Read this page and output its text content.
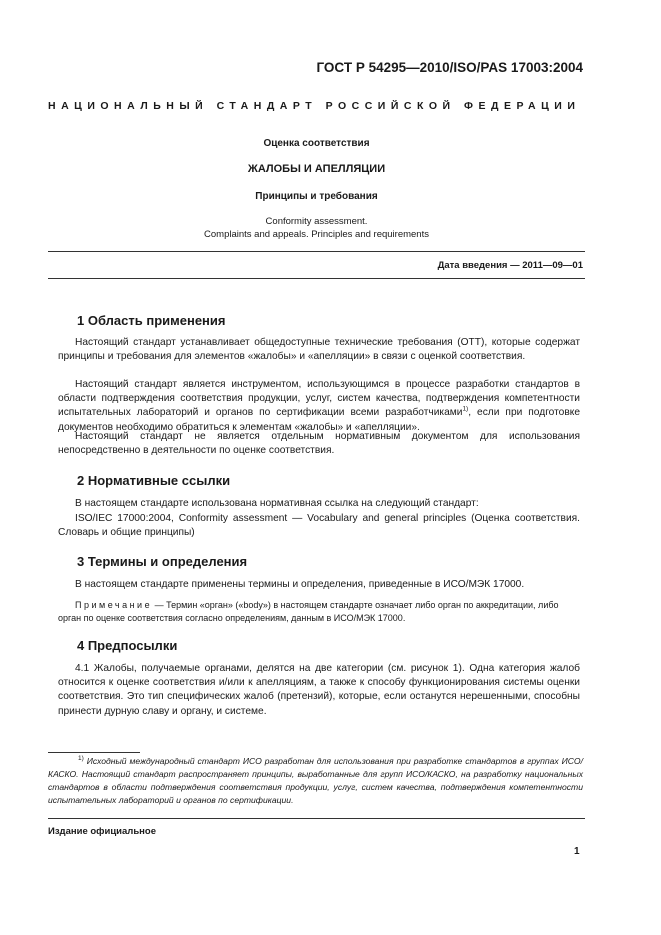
ГОСТ Р 54295—2010/ISO/PAS 17003:2004
НАЦИОНАЛЬНЫЙ СТАНДАРТ РОССИЙСКОЙ ФЕДЕРАЦИИ
Оценка соответствия
ЖАЛОБЫ И АПЕЛЛЯЦИИ
Принципы и требования
Conformity assessment.
Complaints and appeals. Principles and requirements
Дата введения — 2011—09—01
1 Область применения
Настоящий стандарт устанавливает общедоступные технические требования (ОТТ), которые содержат принципы и требования для элементов «жалобы» и «апелляции» в связи с оценкой соответствия.
Настоящий стандарт является инструментом, использующимся в процессе разработки стандартов в области подтверждения соответствия продукции, услуг, систем качества, подтверждения компетентности испытательных лабораторий и органов по сертификации всеми разработчиками$^{1)}$, если при подготовке документов необходимо обратиться к элементам «жалобы» и «апелляции».
Настоящий стандарт не является отдельным нормативным документом для использования непосредственно в деятельности по оценке соответствия.
2 Нормативные ссылки
В настоящем стандарте использована нормативная ссылка на следующий стандарт:
ISO/IEC 17000:2004, Conformity assessment — Vocabulary and general principles (Оценка соответствия. Словарь и общие принципы)
3 Термины и определения
В настоящем стандарте применены термины и определения, приведенные в ИСО/МЭК 17000.
Примечание — Термин «орган» («body») в настоящем стандарте означает либо орган по аккредитации, либо орган по оценке соответствия согласно определениям, данным в ИСО/МЭК 17000.
4 Предпосылки
4.1 Жалобы, получаемые органами, делятся на две категории (см. рисунок 1). Одна категория жалоб относится к оценке соответствия и/или к апелляциям, а также к способу функционирования системы оценки соответствия. Это тип специфических жалоб (претензий), которые, если останутся нерешенными, способны принести дурную славу и органу, и системе.
$^{1)}$ Исходный международный стандарт ИСО разработан для использования при разработке стандартов в группах ИСО/КАСКО. Настоящий стандарт распространяет принципы, выработанные для групп ИСО/КАСКО, на разработку национальных стандартов в области подтверждения соответствия продукции, услуг, систем качества, подтверждения компетентности испытательных лабораторий и органов по сертификации.
Издание официальное
1
